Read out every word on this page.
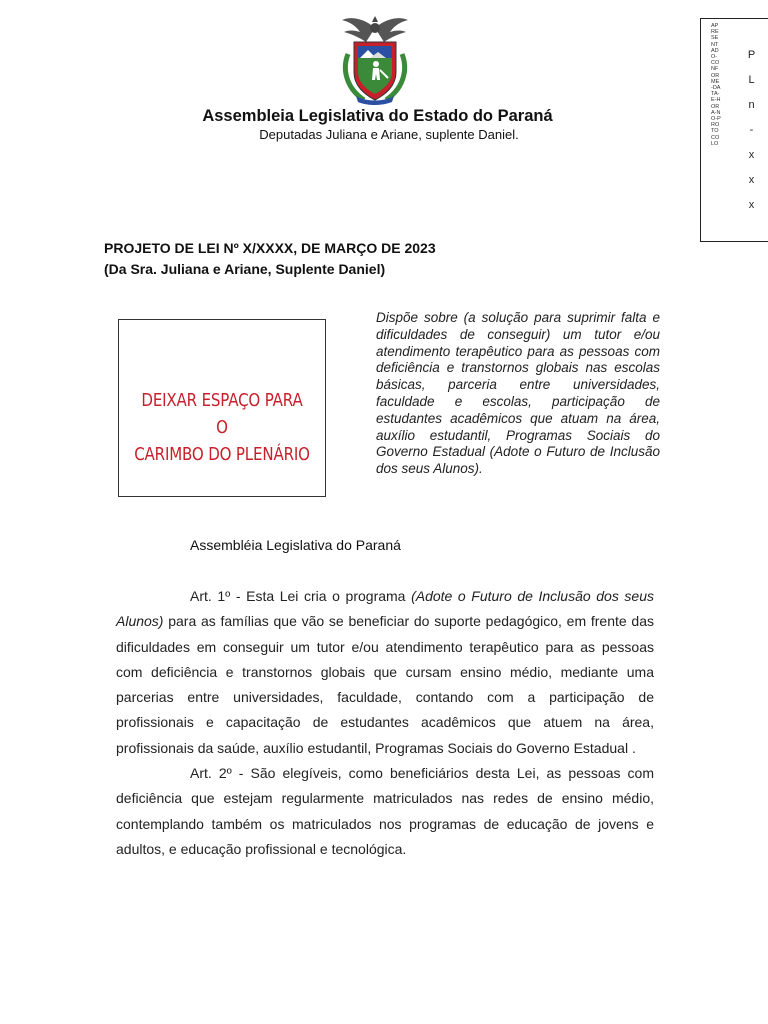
Assembleia Legislativa do Estado do Paraná
Deputadas Juliana e Ariane, suplente Daniel.
APRESENTADO-CONFORME-DATA-E-HORA-NO-PROTOCOLO
P L n - x x x
PROJETO DE LEI Nº X/XXXX, DE MARÇO DE 2023
(Da Sra. Juliana e Ariane, Suplente Daniel)
DEIXAR ESPAÇO PARA O
CARIMBO DO PLENÁRIO
Dispõe sobre (a solução para suprimir falta e dificuldades de conseguir) um tutor e/ou atendimento terapêutico para as pessoas com deficiência e transtornos globais nas escolas básicas, parceria entre universidades, faculdade e escolas, participação de estudantes acadêmicos que atuam na área, auxílio estudantil, Programas Sociais do Governo Estadual (Adote o Futuro de Inclusão dos seus Alunos).
Assembléia Legislativa do Paraná

Art. 1º - Esta Lei cria o programa (Adote o Futuro de Inclusão dos seus Alunos) para as famílias que vão se beneficiar do suporte pedagógico, em frente das dificuldades em conseguir um tutor e/ou atendimento terapêutico para as pessoas com deficiência e transtornos globais que cursam ensino médio, mediante uma parcerias entre universidades, faculdade, contando com a participação de profissionais e capacitação de estudantes acadêmicos que atuem na área, profissionais da saúde, auxílio estudantil, Programas Sociais do Governo Estadual .

Art. 2º - São elegíveis, como beneficiários desta Lei, as pessoas com deficiência que estejam regularmente matriculados nas redes de ensino médio, contemplando também os matriculados nos programas de educação de jovens e adultos, e educação profissional e tecnológica.
